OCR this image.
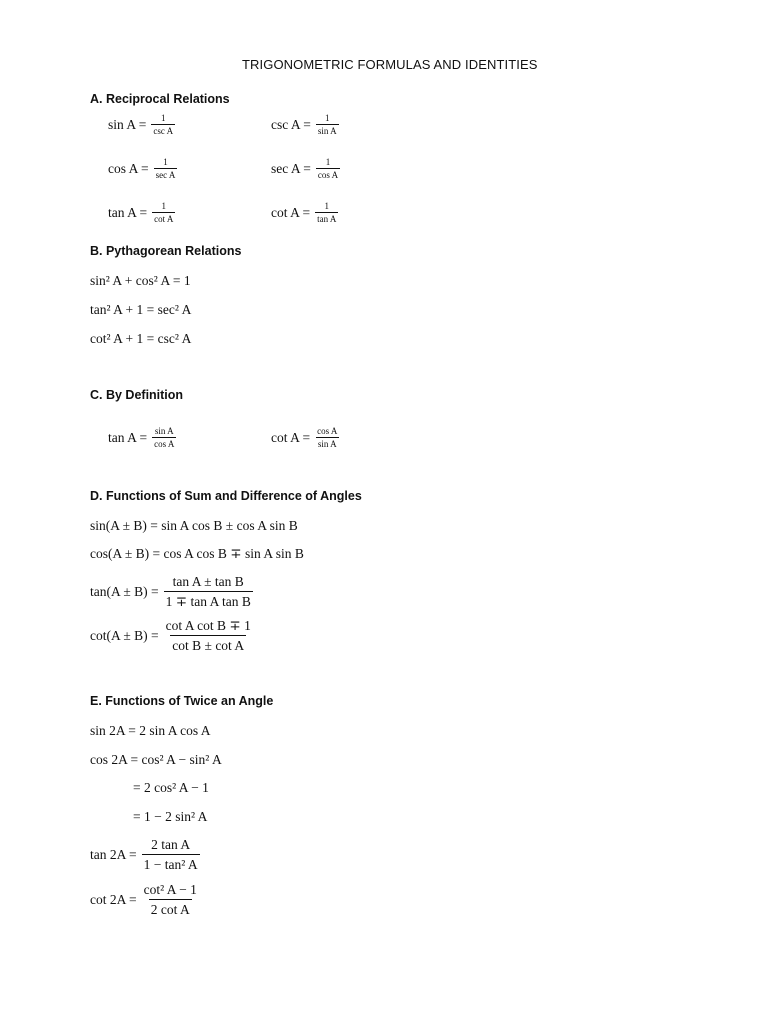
TRIGONOMETRIC FORMULAS AND IDENTITIES
A. Reciprocal Relations
$\sin A = \frac{1}{\text{csc A}}$	$\csc A = \frac{1}{\text{sin A}}$
$\cos A = \frac{1}{\text{sec A}}$	$\sec A = \frac{1}{\text{cos A}}$
$\tan A = \frac{1}{\text{cot A}}$	$\cot A = \frac{1}{\text{tan A}}$
B. Pythagorean Relations
sin² A + cos² A = 1
tan² A + 1 = sec² A
cot² A + 1 = csc² A
C. By Definition
$\tan A = \frac{\text{sin A}}{\text{cos A}}$	$\cot A = \frac{\text{cos A}}{\text{sin A}}$
D. Functions of Sum and Difference of Angles
sin(A ± B) = sin A cos B ± cos A sin B
cos(A ± B) = cos A cos B ∓ sin A sin B
$\tan(A \pm B) = \frac{\text{tan A ± tan B}}{\text{1 ∓ tan A tan B}}$
$\cot(A \pm B) = \frac{\text{cot A cot B ∓ 1}}{\text{cot B ± cot A}}$
E. Functions of Twice an Angle
sin 2A = 2 sin A cos A
cos 2A = cos² A − sin² A
= 2 cos² A − 1
= 1 − 2 sin² A
$\tan 2A = \frac{\text{2 tan A}}{\text{1 − tan² A}}$
$\cot 2A = \frac{\text{cot² A − 1}}{\text{2 cot A}}$
